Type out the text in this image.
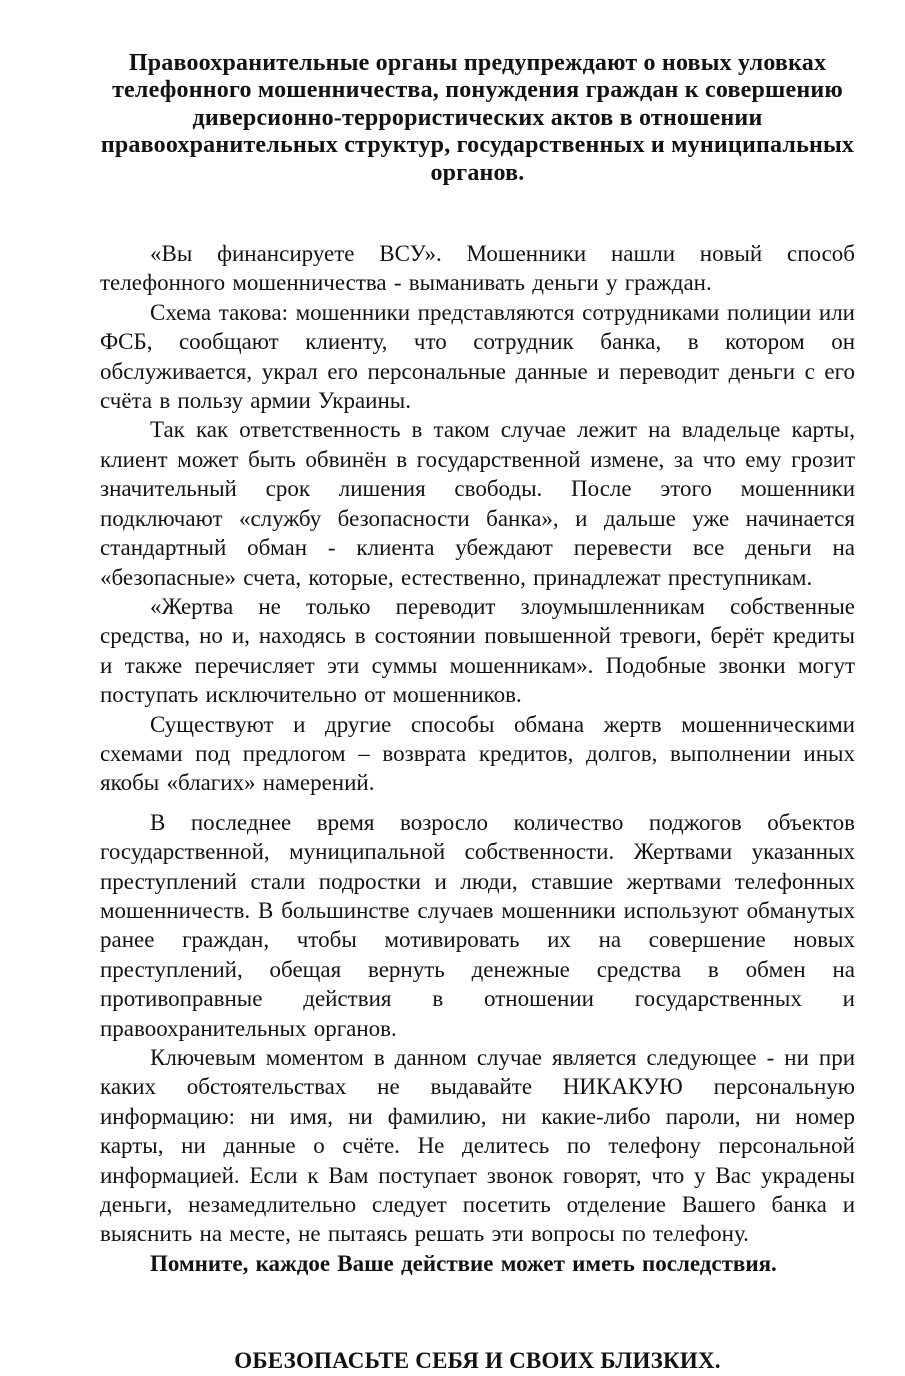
Правоохранительные органы предупреждают о новых уловках телефонного мошенничества, понуждения граждан к совершению диверсионно-террористических актов в отношении правоохранительных структур, государственных и муниципальных органов.

«Вы финансируете ВСУ». Мошенники нашли новый способ телефонного мошенничества - выманивать деньги у граждан.

Схема такова: мошенники представляются сотрудниками полиции или ФСБ, сообщают клиенту, что сотрудник банка, в котором он обслуживается, украл его персональные данные и переводит деньги с его счёта в пользу армии Украины.

Так как ответственность в таком случае лежит на владельце карты, клиент может быть обвинён в государственной измене, за что ему грозит значительный срок лишения свободы. После этого мошенники подключают «службу безопасности банка», и дальше уже начинается стандартный обман - клиента убеждают перевести все деньги на «безопасные» счета, которые, естественно, принадлежат преступникам.

«Жертва не только переводит злоумышленникам собственные средства, но и, находясь в состоянии повышенной тревоги, берёт кредиты и также перечисляет эти суммы мошенникам». Подобные звонки могут поступать исключительно от мошенников.

Существуют и другие способы обмана жертв мошенническими схемами под предлогом – возврата кредитов, долгов, выполнении иных якобы «благих» намерений.

В последнее время возросло количество поджогов объектов государственной, муниципальной собственности. Жертвами указанных преступлений стали подростки и люди, ставшие жертвами телефонных мошенничеств. В большинстве случаев мошенники используют обманутых ранее граждан, чтобы мотивировать их на совершение новых преступлений, обещая вернуть денежные средства в обмен на противоправные действия в отношении государственных и правоохранительных органов.

Ключевым моментом в данном случае является следующее - ни при каких обстоятельствах не выдавайте НИКАКУЮ персональную информацию: ни имя, ни фамилию, ни какие-либо пароли, ни номер карты, ни данные о счёте. Не делитесь по телефону персональной информацией. Если к Вам поступает звонок говорят, что у Вас украдены деньги, незамедлительно следует посетить отделение Вашего банка и выяснить на месте, не пытаясь решать эти вопросы по телефону.

Помните, каждое Ваше действие может иметь последствия.

ОБЕЗОПАСЬТЕ СЕБЯ И СВОИХ БЛИЗКИХ.
